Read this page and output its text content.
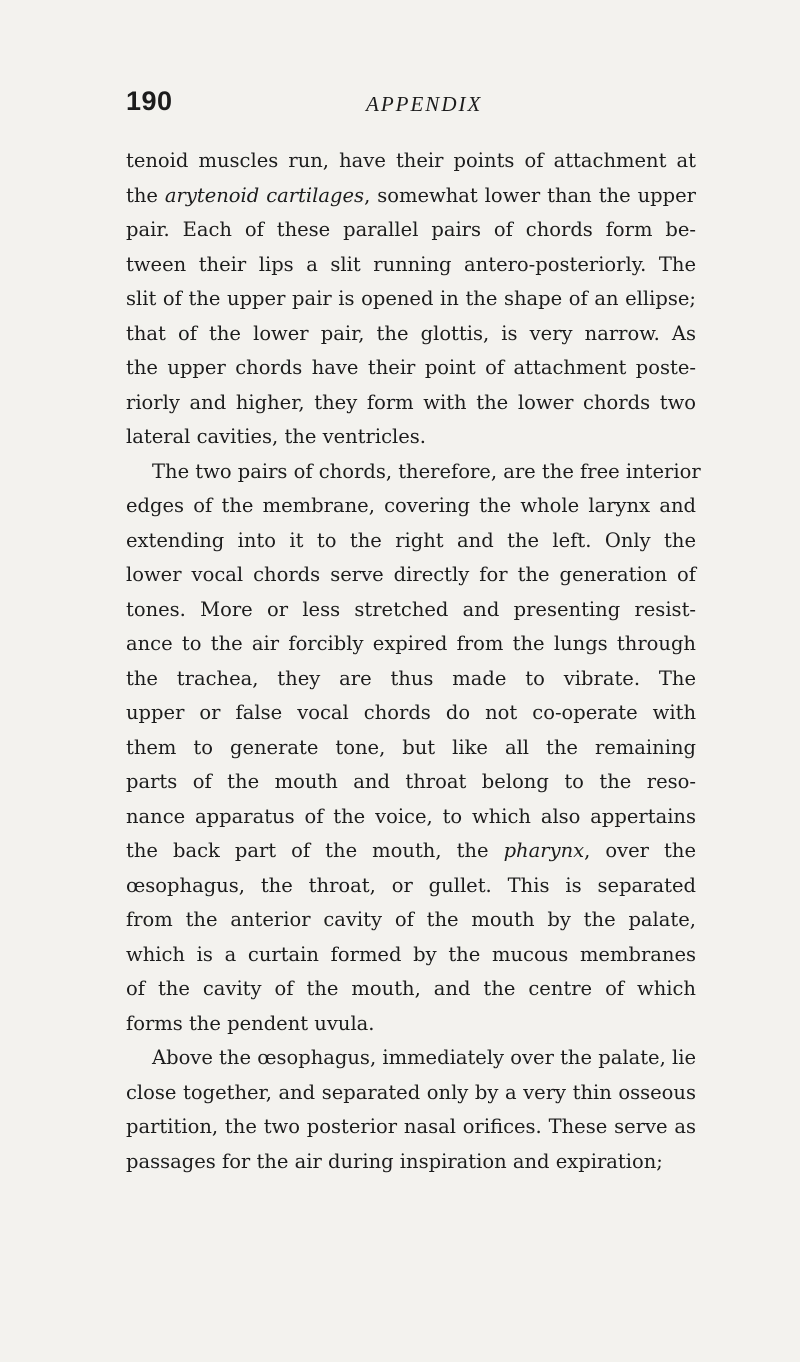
190	APPENDIX
tenoid muscles run, have their points of attachment at
the arytenoid cartilages, somewhat lower than the upper
pair. Each of these parallel pairs of chords form be-
tween their lips a slit running antero-posteriorly. The
slit of the upper pair is opened in the shape of an ellipse;
that of the lower pair, the glottis, is very narrow. As
the upper chords have their point of attachment poste-
riorly and higher, they form with the lower chords two
lateral cavities, the ventricles.
The two pairs of chords, therefore, are the free interior
edges of the membrane, covering the whole larynx and
extending into it to the right and the left. Only the
lower vocal chords serve directly for the generation of
tones. More or less stretched and presenting resist-
ance to the air forcibly expired from the lungs through
the trachea, they are thus made to vibrate. The
upper or false vocal chords do not co-operate with
them to generate tone, but like all the remaining
parts of the mouth and throat belong to the reso-
nance apparatus of the voice, to which also appertains
the back part of the mouth, the pharynx, over the
œsophagus, the throat, or gullet. This is separated
from the anterior cavity of the mouth by the palate,
which is a curtain formed by the mucous membranes
of the cavity of the mouth, and the centre of which
forms the pendent uvula.
Above the œsophagus, immediately over the palate, lie
close together, and separated only by a very thin osseous
partition, the two posterior nasal orifices. These serve as
passages for the air during inspiration and expiration;
